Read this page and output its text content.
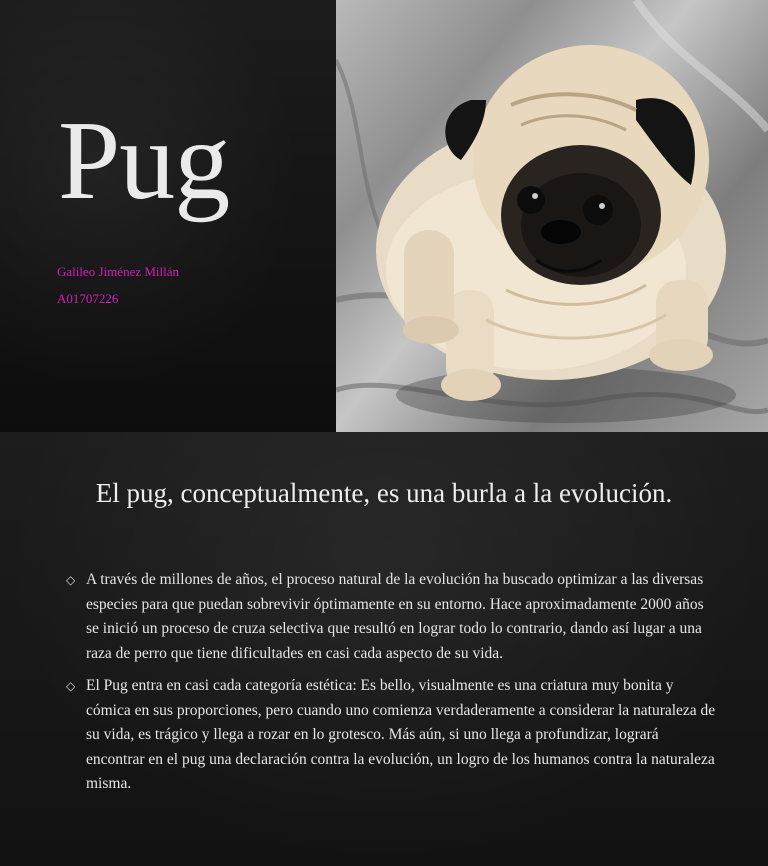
Pug
Galileo Jiménez Millán
A01707226
El pug, conceptualmente, es una burla a la evolución.
◇ A través de millones de años, el proceso natural de la evolución ha buscado optimizar a las diversas especies para que puedan sobrevivir óptimamente en su entorno. Hace aproximadamente 2000 años se inició un proceso de cruza selectiva que resultó en lograr todo lo contrario, dando así lugar a una raza de perro que tiene dificultades en casi cada aspecto de su vida.
◇ El Pug entra en casi cada categoría estética: Es bello, visualmente es una criatura muy bonita y cómica en sus proporciones, pero cuando uno comienza verdaderamente a considerar la naturaleza de su vida, es trágico y llega a rozar en lo grotesco. Más aún, si uno llega a profundizar, logrará encontrar en el pug una declaración contra la evolución, un logro de los humanos contra la naturaleza misma.
